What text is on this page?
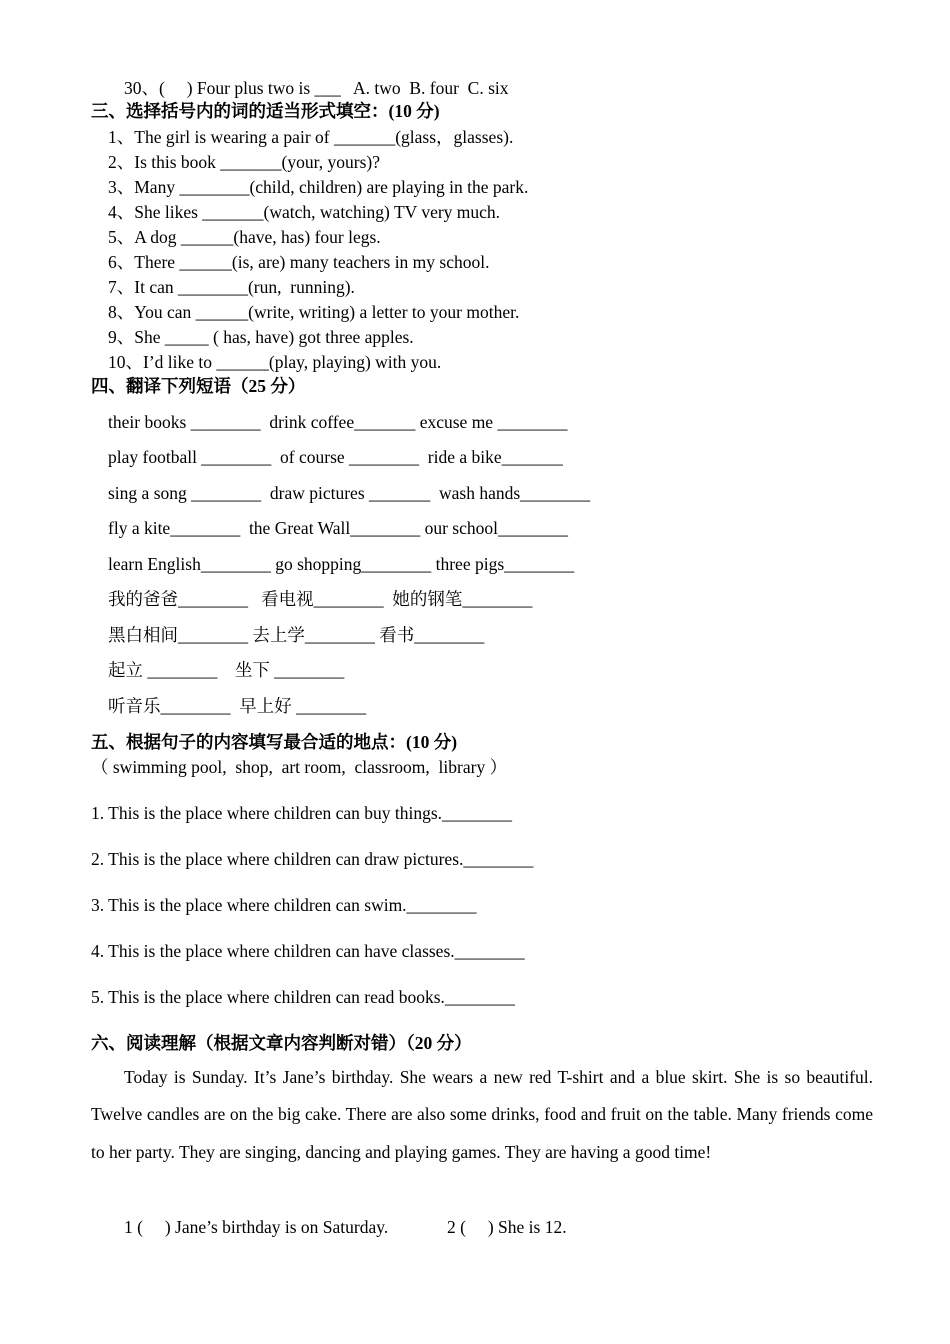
30、(     ) Four plus two is ___   A. two  B. four  C. six
三、选择括号内的词的适当形式填空：(10 分)
1、The girl is wearing a pair of _______(glass，glasses).
2、Is this book _______(your, yours)?
3、Many ________(child, children) are playing in the park.
4、She likes _______(watch, watching) TV very much.
5、A dog ______(have, has) four legs.
6、There ______(is, are) many teachers in my school.
7、It can ________(run,  running).
8、You can ______(write, writing) a letter to your mother.
9、She _____ ( has, have) got three apples.
10、I’d like to ______(play, playing) with you.
四、翻译下列短语（25 分）
their books ________  drink coffee_______ excuse me ________
play football ________  of course ________  ride a bike_______
sing a song ________  draw pictures _______  wash hands________
fly a kite________  the Great Wall________ our school________
learn English________ go shopping________ three pigs________
我的爸爸________   看电视________  她的钢笔________
黑白相间________ 去上学________ 看书________
起立 ________    坐下 ________
听音乐________  早上好 ________
五、根据句子的内容填写最合适的地点：(10 分)
（ swimming pool,  shop,  art room,  classroom,  library ）
1. This is the place where children can buy things.________
2. This is the place where children can draw pictures.________
3. This is the place where children can swim.________
4. This is the place where children can have classes.________
5. This is the place where children can read books.________
六、阅读理解（根据文章内容判断对错）（20 分）
Today is Sunday. It’s Jane’s birthday. She wears a new red T-shirt and a blue skirt. She is so beautiful. Twelve candles are on the big cake. There are also some drinks, food and fruit on the table. Many friends come to her party. They are singing, dancing and playing games. They are having a good time!
1 (     ) Jane’s birthday is on Saturday.	2 (     ) She is 12.
